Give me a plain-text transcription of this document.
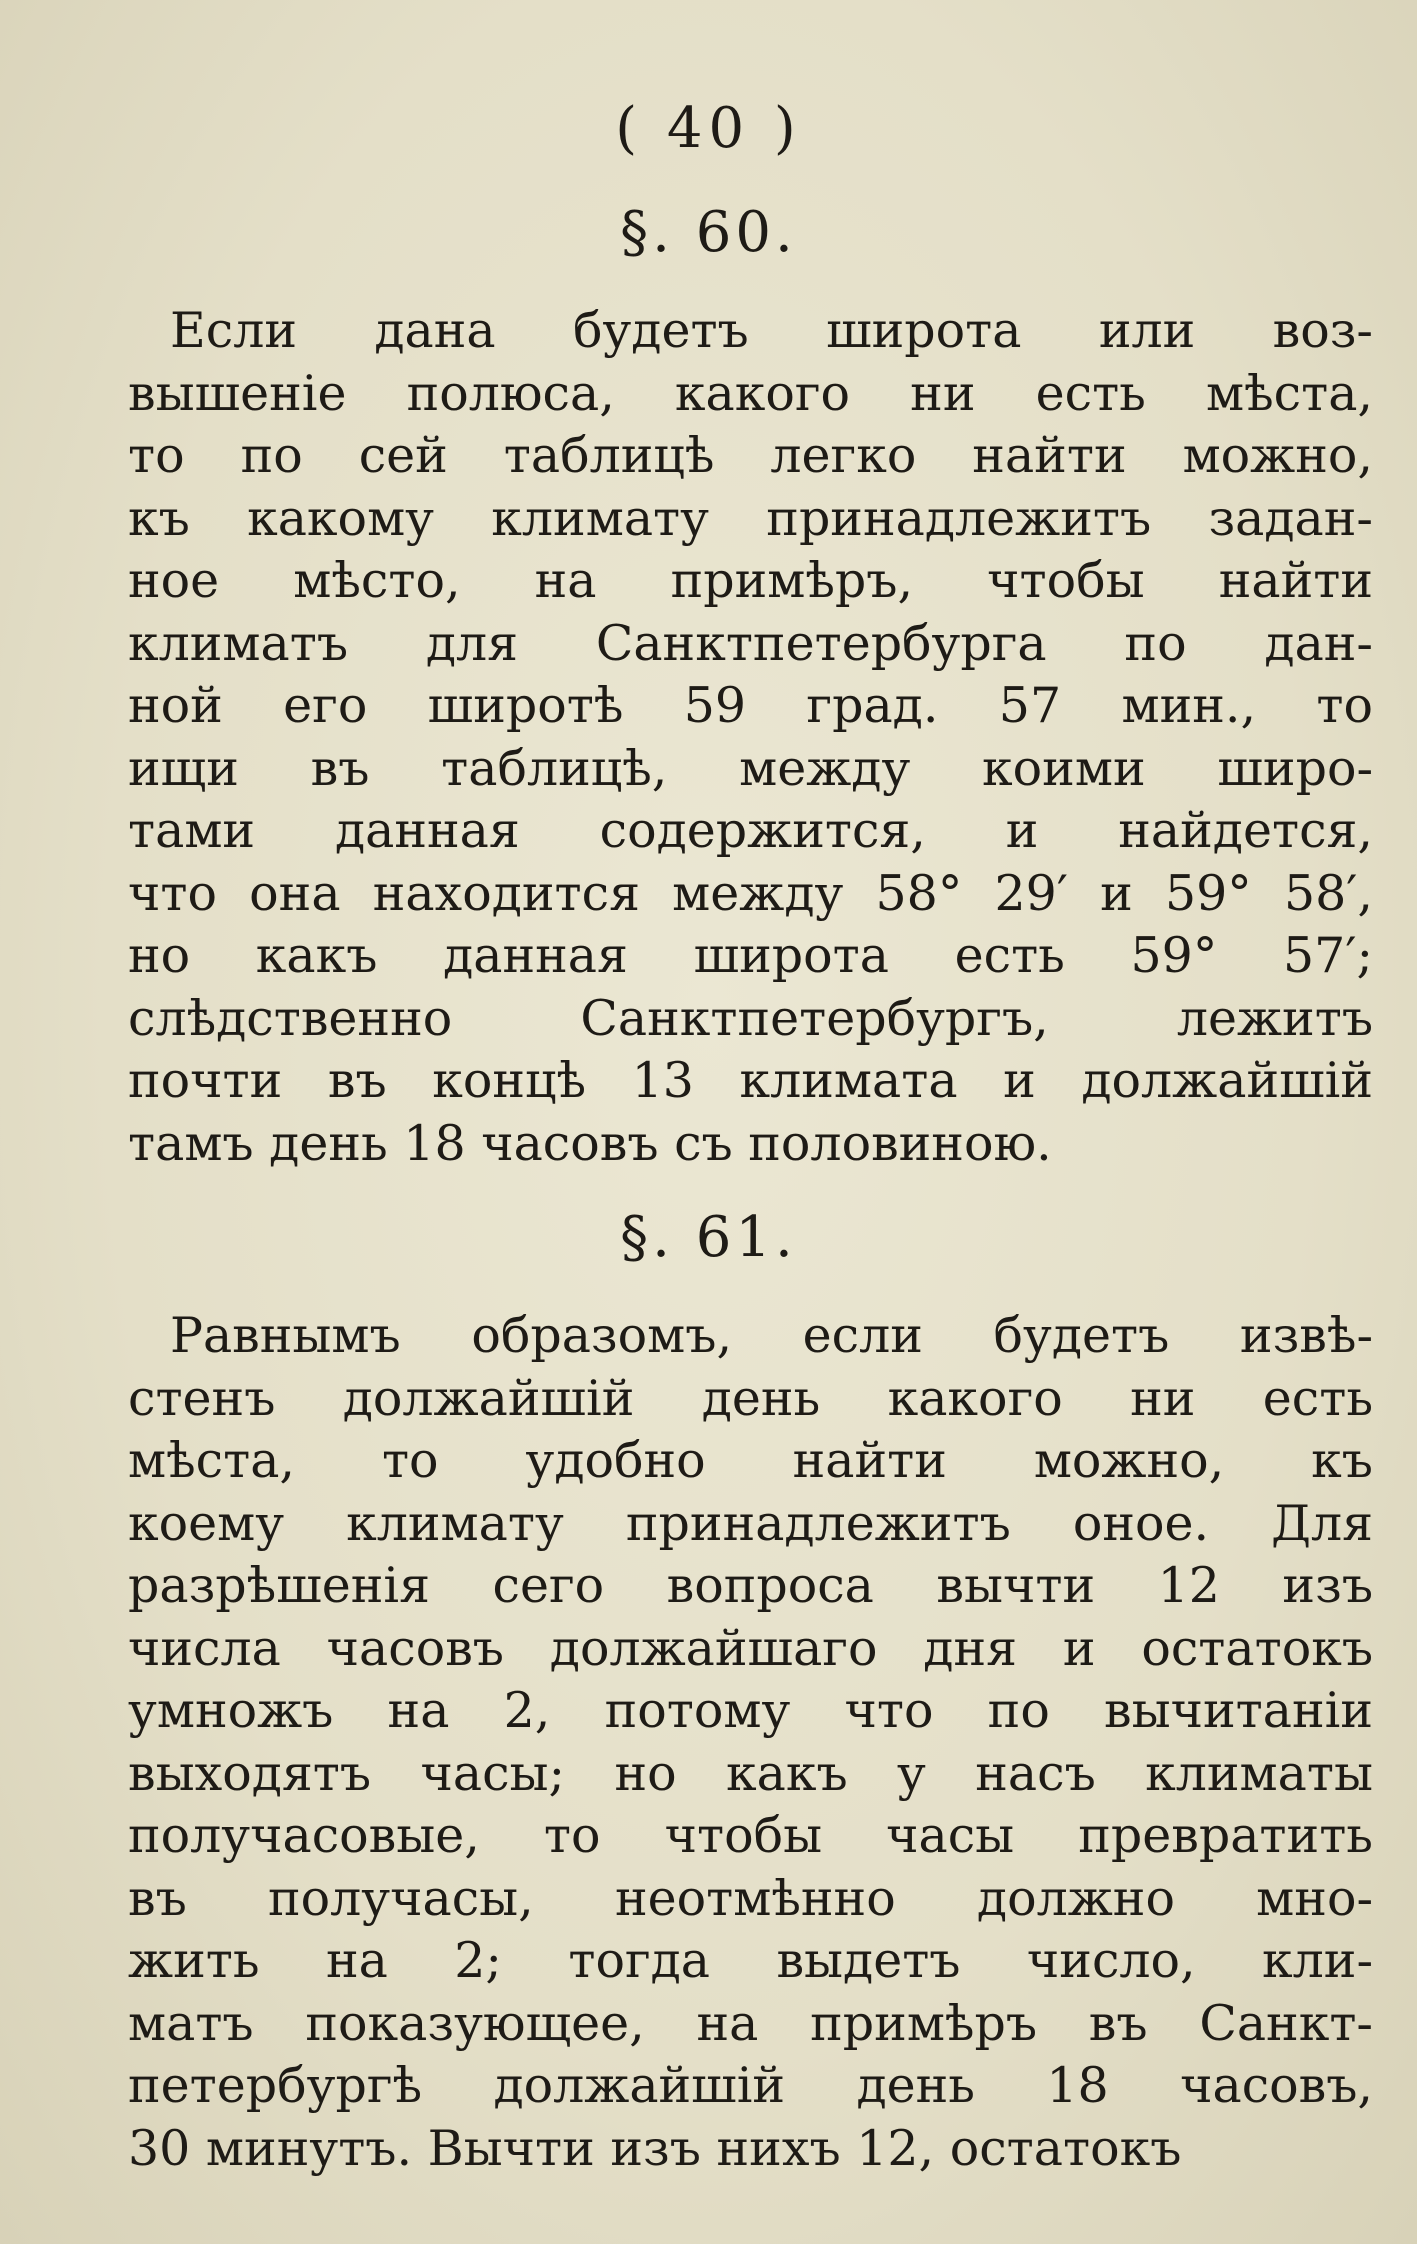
( 40 )
§. 60.
Если дана будетъ широта или воз-
вышенiе полюса, какого ни есть мѣста,
то по сей таблицѣ легко найти можно,
къ какому климату принадлежитъ задан-
ное мѣсто, на примѣръ, чтобы найти
климатъ для Санктпетербурга по дан-
ной его широтѣ 59 град. 57 мин., то
ищи въ таблицѣ, между коими широ-
тами данная содержится, и найдется,
что она находится между 58° 29′ и 59° 58′,
но какъ данная широта есть 59° 57′;
слѣдственно Санктпетербургъ, лежитъ
почти въ концѣ 13 климата и должайшiй
тамъ день 18 часовъ съ половиною.
§. 61.
Равнымъ образомъ, если будетъ извѣ-
стенъ должайшiй день какого ни есть
мѣста, то удобно найти можно, къ
коему климату принадлежитъ оное. Для
разрѣшенiя сего вопроса вычти 12 изъ
числа часовъ должайшаго дня и остатокъ
умножъ на 2, потому что по вычитанiи
выходятъ часы; но какъ у насъ климаты
получасовые, то чтобы часы превратить
въ получасы, неотмѣнно должно мно-
жить на 2; тогда выдетъ число, кли-
матъ показующее, на примѣръ въ Санкт-
петербургѣ должайшiй день 18 часовъ,
30 минутъ. Вычти изъ нихъ 12, остатокъ
